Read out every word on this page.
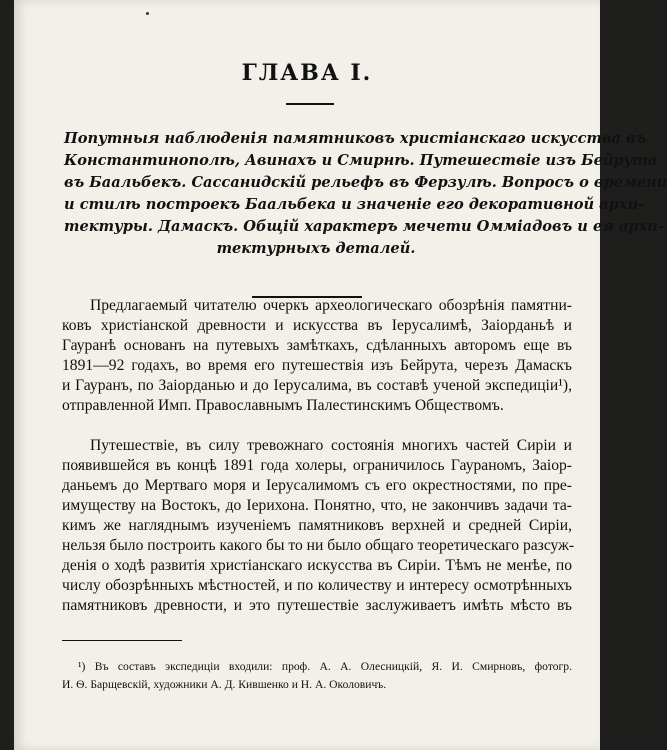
ГЛАВА I.
Попутныя наблюденія памятниковъ христіанскаго искусства въ
Константинополѣ, Авинахъ и Смирнѣ. Путешествіе изъ Бейрута
въ Баальбекъ. Сассанидскій рельефъ въ Ферзулѣ. Вопросъ о времени
и стилѣ построекъ Баальбека и значеніе его декоративной архи-
тектуры. Дамаскъ. Общій характеръ мечети Оммiадовъ и ея архи-
тектурныхъ деталей.
Предлагаемый читателю очеркъ археологическаго обозрѣнія памятни-
ковъ христіанской древности и искусства въ Іерусалимѣ, Заіорданьѣ и
Гауранѣ основанъ на путевыхъ замѣткахъ, сдѣланныхъ авторомъ еще въ
1891—92 годахъ, во время его путешествія изъ Бейрута, черезъ Дамаскъ
и Гауранъ, по Заіорданью и до Іерусалима, въ составѣ ученой экспедиціи¹),
отправленной Имп. Православнымъ Палестинскимъ Обществомъ.
Путешествіе, въ силу тревожнаго состоянія многихъ частей Сиріи и
появившейся въ концѣ 1891 года холеры, ограничилось Гаураномъ, Заіор-
даньемъ до Мертваго моря и Іерусалимомъ съ его окрестностями, по пре-
имуществу на Востокъ, до Іерихона. Понятно, что, не закончивъ задачи та-
кимъ же нагляднымъ изученіемъ памятниковъ верхней и средней Сиріи,
нельзя было построить какого бы то ни было общаго теоретическаго разсуж-
денія о ходѣ развитія христіанскаго искусства въ Сиріи. Тѣмъ не менѣе, по
числу обозрѣнныхъ мѣстностей, и по количеству и интересу осмотрѣнныхъ
памятниковъ древности, и это путешествіе заслуживаетъ имѣть мѣсто въ
¹) Въ составъ экспедиціи входили: проф. А. А. Олесницкій, Я. И. Смирновъ, фотогр.
И. Ѳ. Барщевскій, художники А. Д. Кившенко и Н. А. Околовичъ.
